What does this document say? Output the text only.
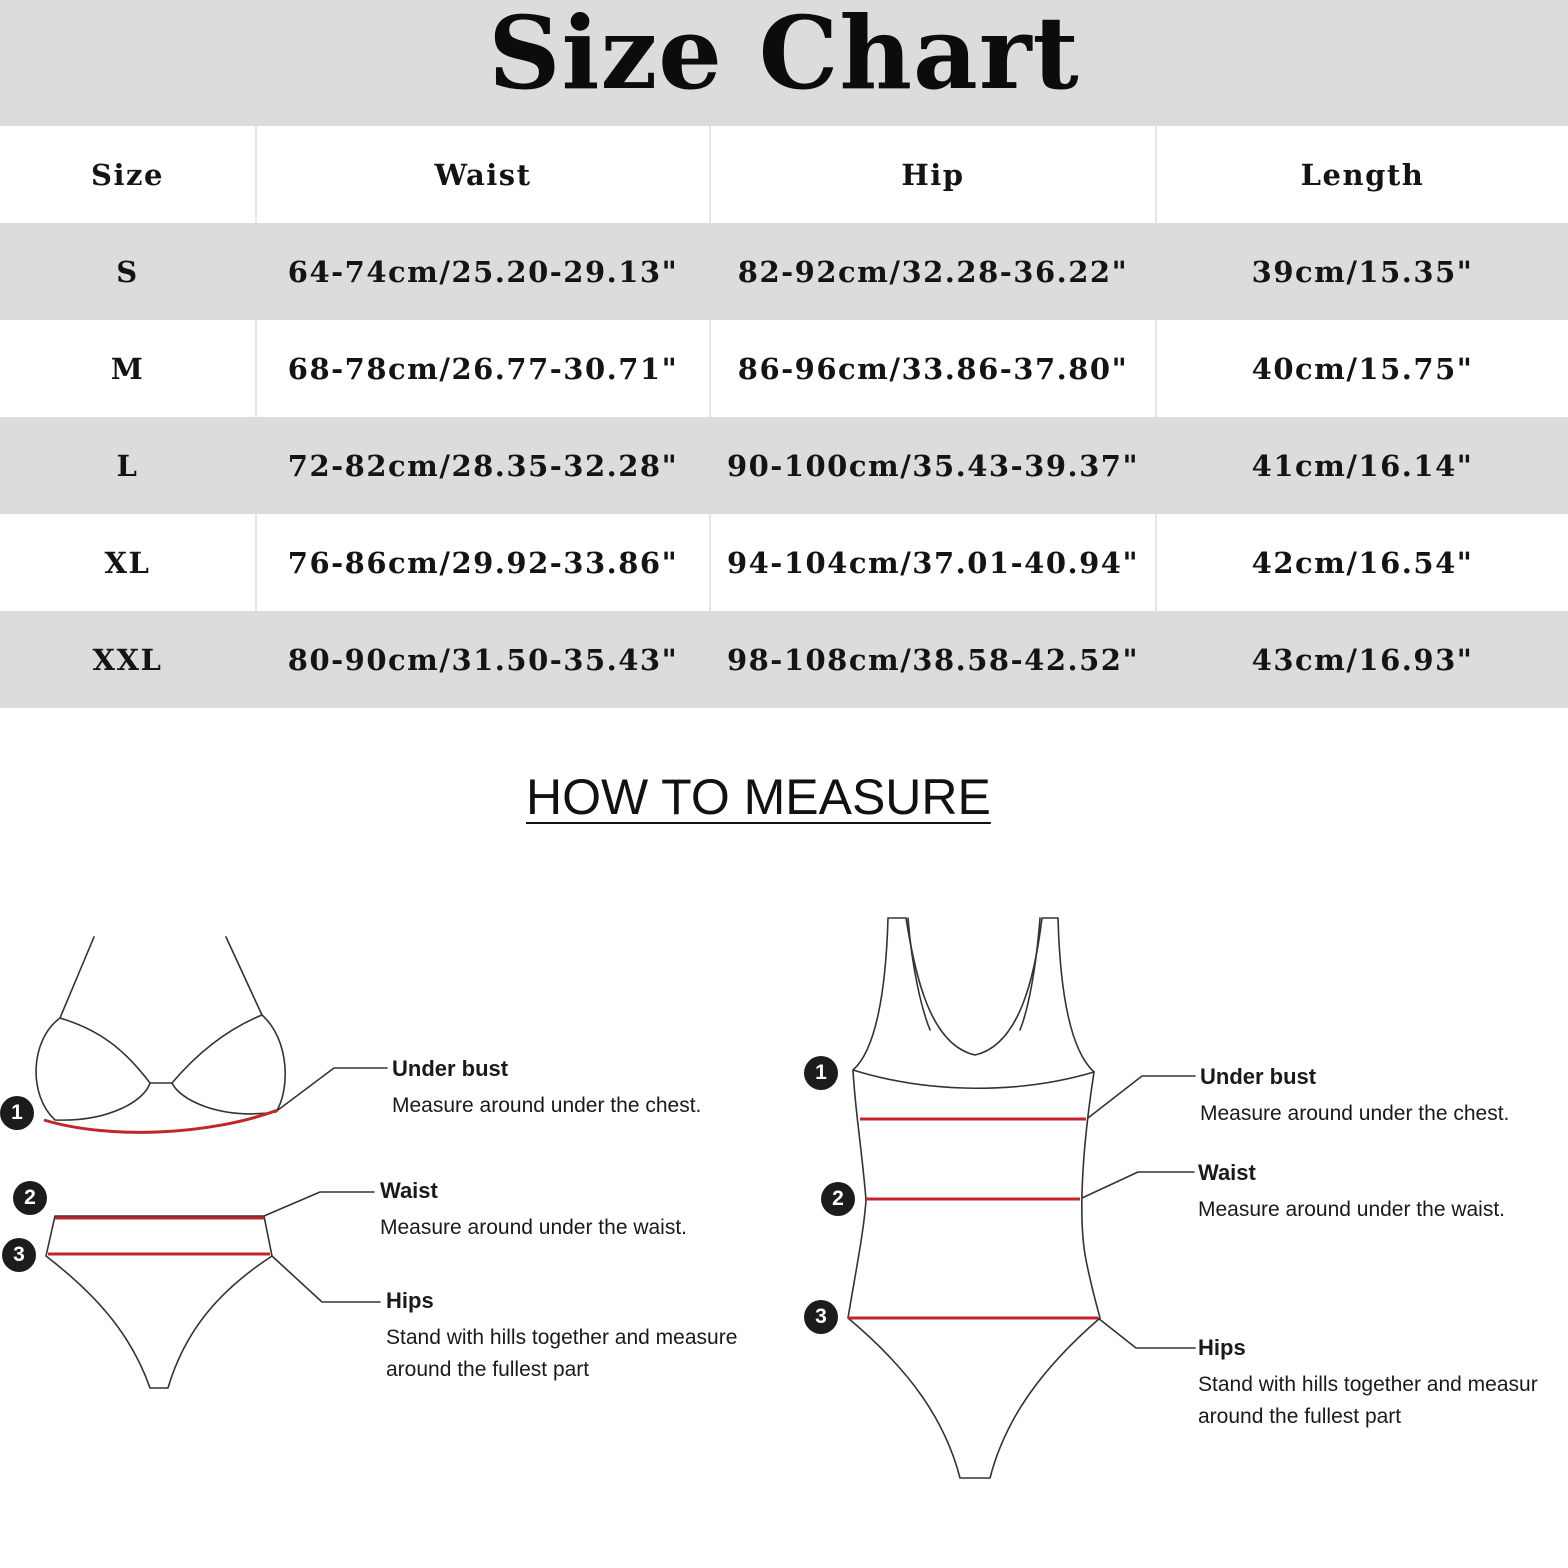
Size Chart
Size	Waist	Hip	Length
S	64-74cm/25.20-29.13"	82-92cm/32.28-36.22"	39cm/15.35"
M	68-78cm/26.77-30.71"	86-96cm/33.86-37.80"	40cm/15.75"
L	72-82cm/28.35-32.28"	90-100cm/35.43-39.37"	41cm/16.14"
XL	76-86cm/29.92-33.86"	94-104cm/37.01-40.94"	42cm/16.54"
XXL	80-90cm/31.50-35.43"	98-108cm/38.58-42.52"	43cm/16.93"
HOW TO MEASURE
1
2
3
1
2
3
Under bust
Measure around under the chest.
Waist
Measure around under the waist.
Hips
Stand with hills together and measure
around the fullest part
Under bust
Measure around under the chest.
Waist
Measure around under the waist.
Hips
Stand with hills together and measur
around the fullest part
